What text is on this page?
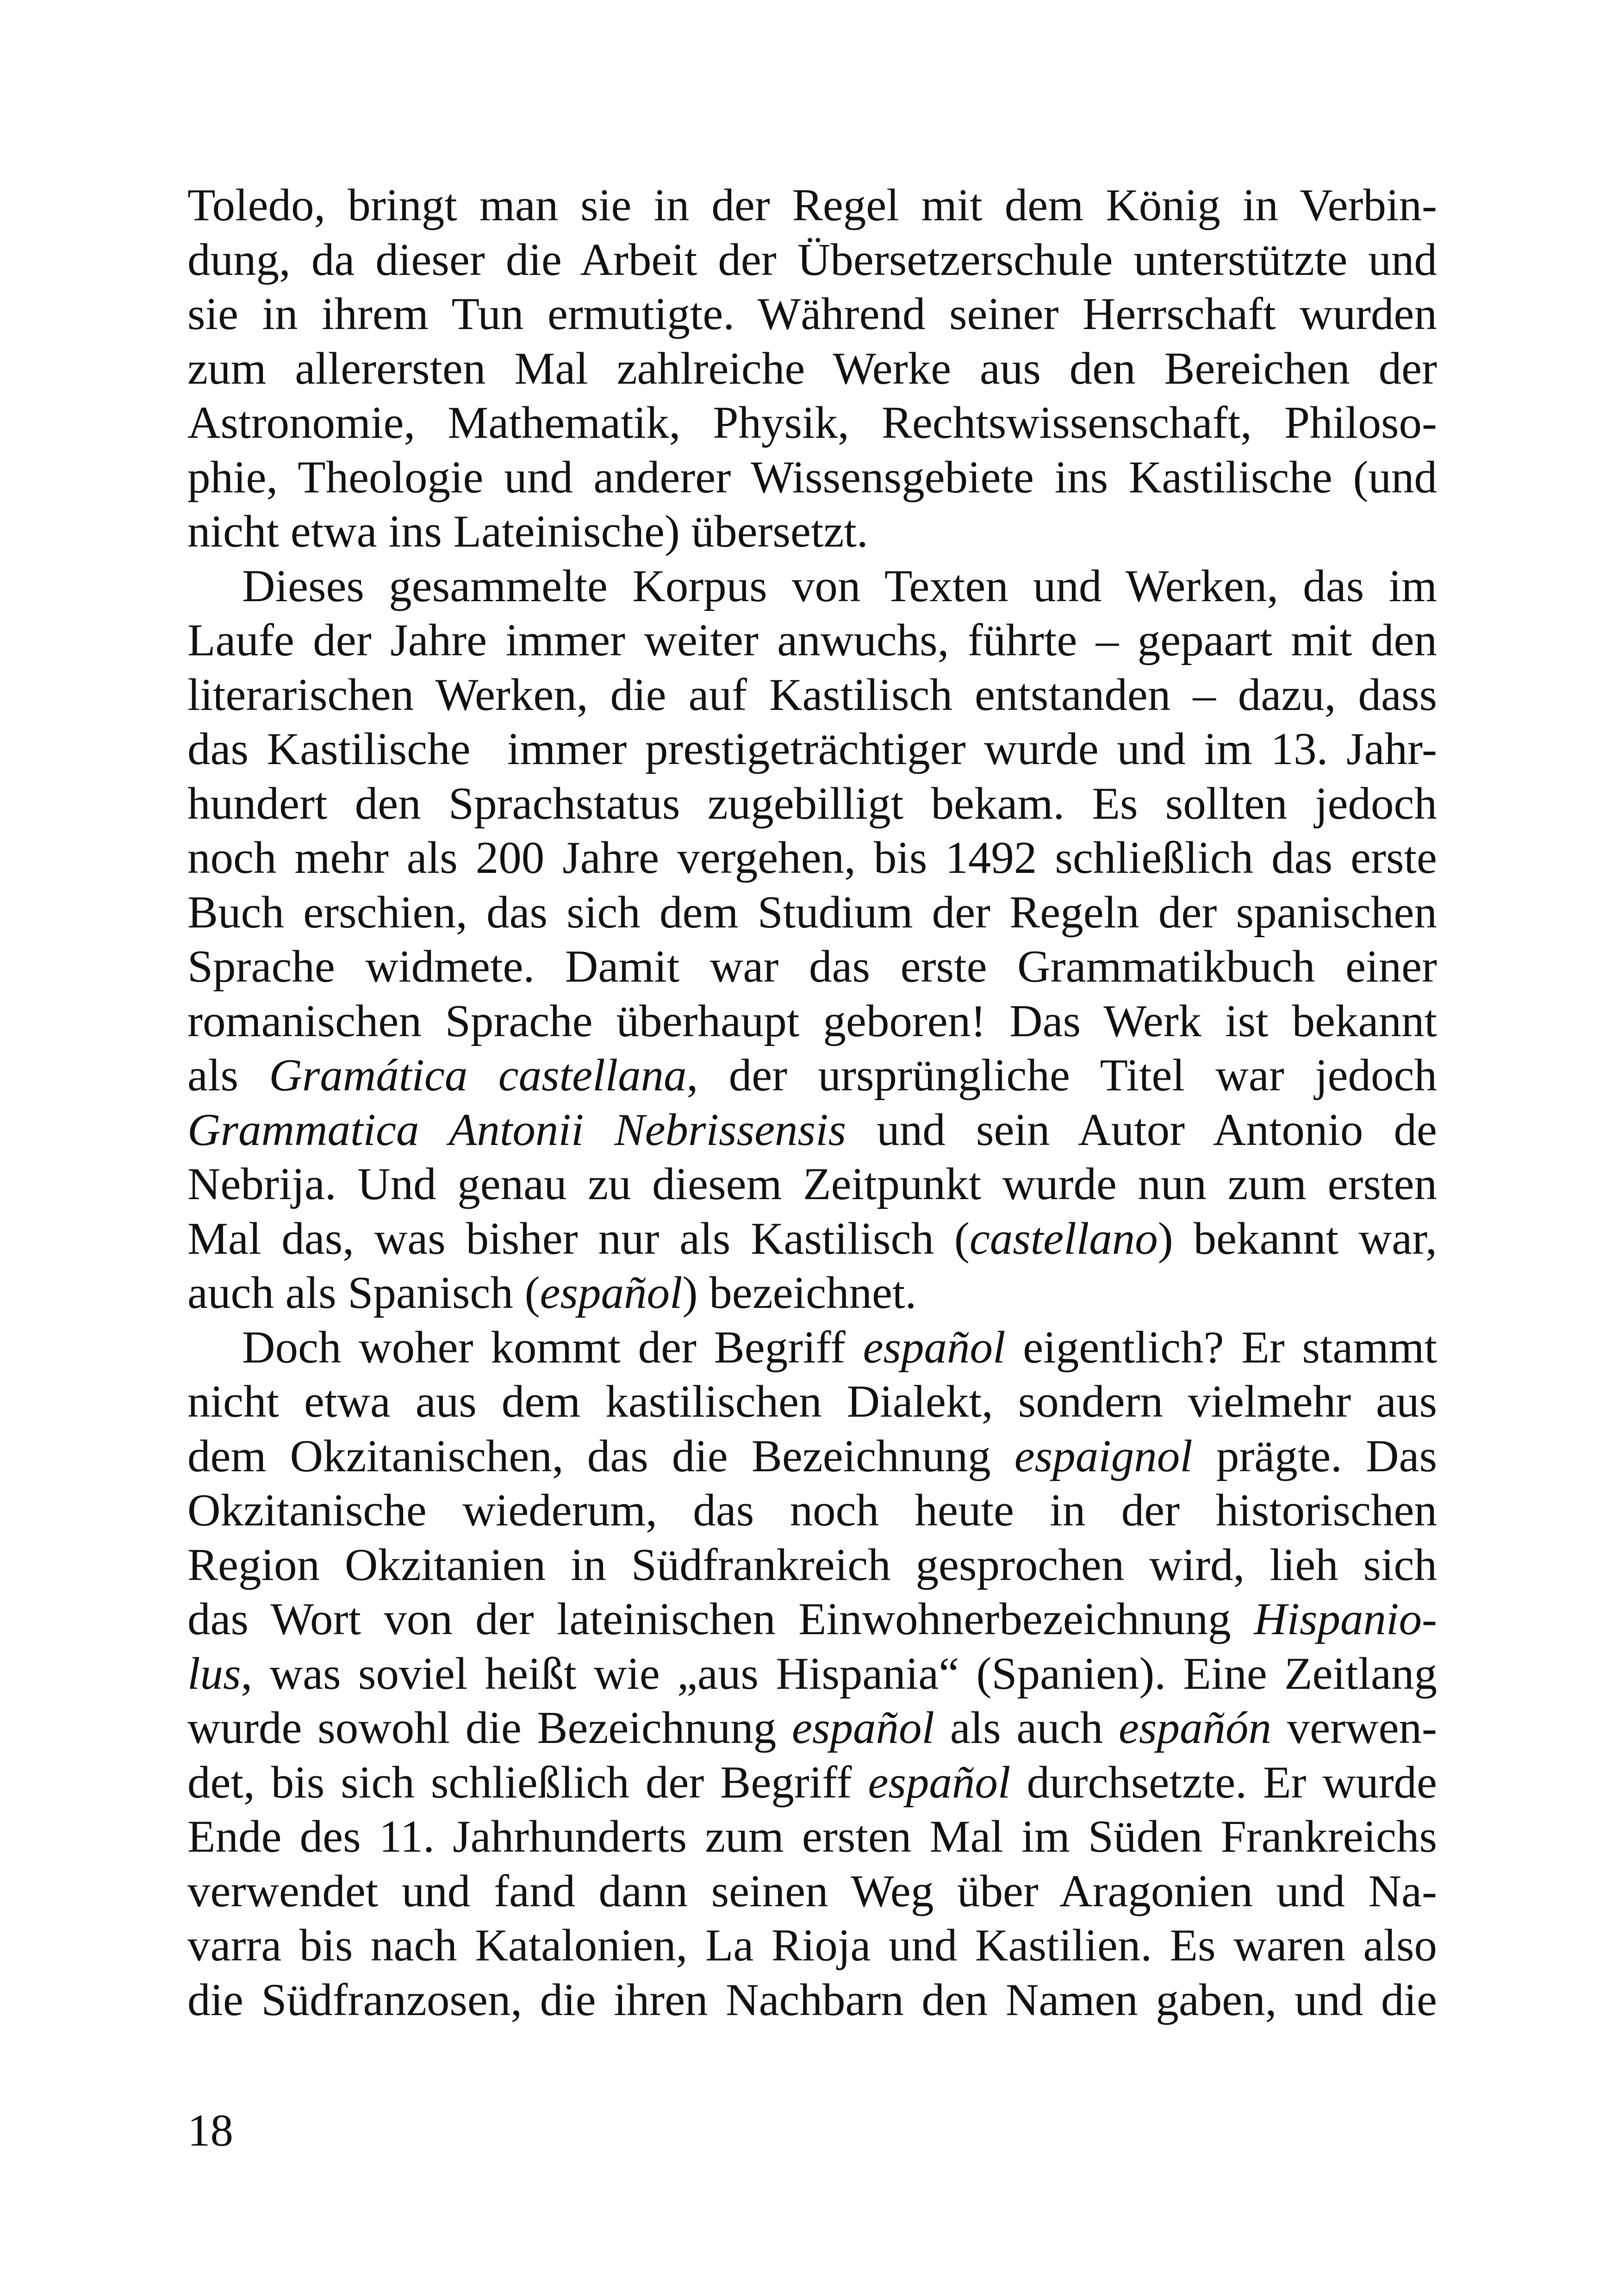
Toledo, bringt man sie in der Regel mit dem König in Verbin-
dung, da dieser die Arbeit der Übersetzerschule unterstützte und
sie in ihrem Tun ermutigte. Während seiner Herrschaft wurden
zum allerersten Mal zahlreiche Werke aus den Bereichen der
Astronomie, Mathematik, Physik, Rechtswissenschaft, Philoso-
phie, Theologie und anderer Wissensgebiete ins Kastilische (und
nicht etwa ins Lateinische) übersetzt.
Dieses gesammelte Korpus von Texten und Werken, das im
Laufe der Jahre immer weiter anwuchs, führte – gepaart mit den
literarischen Werken, die auf Kastilisch entstanden – dazu, dass
das Kastilische  immer prestigeträchtiger wurde und im 13. Jahr-
hundert den Sprachstatus zugebilligt bekam. Es sollten jedoch
noch mehr als 200 Jahre vergehen, bis 1492 schließlich das erste
Buch erschien, das sich dem Studium der Regeln der spanischen
Sprache widmete. Damit war das erste Grammatikbuch einer
romanischen Sprache überhaupt geboren! Das Werk ist bekannt
als Gramática castellana, der ursprüngliche Titel war jedoch
Grammatica Antonii Nebrissensis und sein Autor Antonio de
Nebrija. Und genau zu diesem Zeitpunkt wurde nun zum ersten
Mal das, was bisher nur als Kastilisch (castellano) bekannt war,
auch als Spanisch (español) bezeichnet.
Doch woher kommt der Begriff español eigentlich? Er stammt
nicht etwa aus dem kastilischen Dialekt, sondern vielmehr aus
dem Okzitanischen, das die Bezeichnung espaignol prägte. Das
Okzitanische wiederum, das noch heute in der historischen
Region Okzitanien in Südfrankreich gesprochen wird, lieh sich
das Wort von der lateinischen Einwohnerbezeichnung Hispanio-
lus, was soviel heißt wie „aus Hispania“ (Spanien). Eine Zeitlang
wurde sowohl die Bezeichnung español als auch españón verwen-
det, bis sich schließlich der Begriff español durchsetzte. Er wurde
Ende des 11. Jahrhunderts zum ersten Mal im Süden Frankreichs
verwendet und fand dann seinen Weg über Aragonien und Na-
varra bis nach Katalonien, La Rioja und Kastilien. Es waren also
die Südfranzosen, die ihren Nachbarn den Namen gaben, und die
18
